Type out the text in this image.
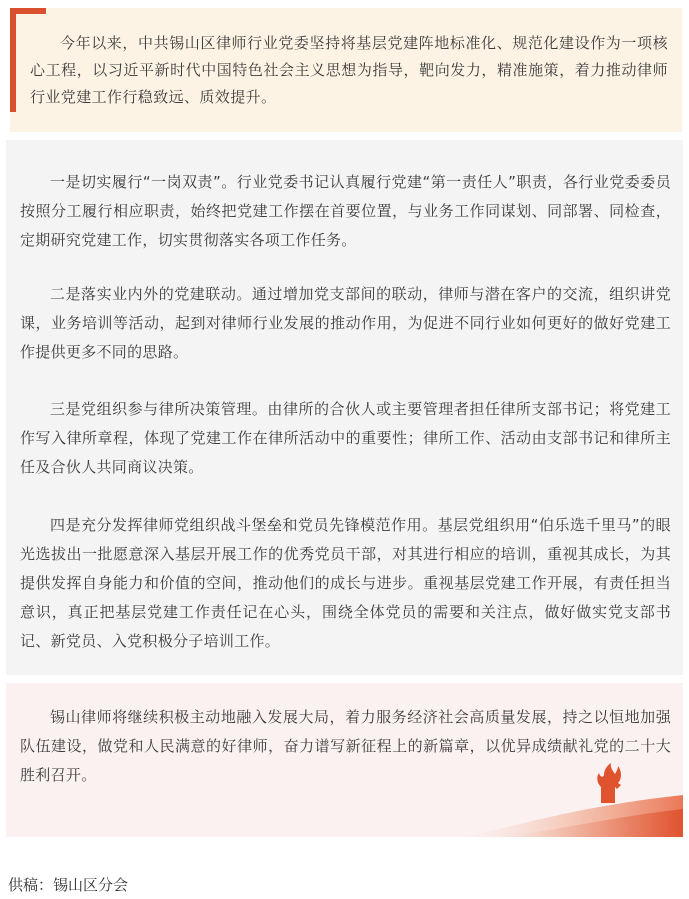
今年以来，中共锡山区律师行业党委坚持将基层党建阵地标准化、规范化建设作为一项核心工程，以习近平新时代中国特色社会主义思想为指导，靶向发力，精准施策，着力推动律师行业党建工作行稳致远、质效提升。

一是切实履行“一岗双责”。行业党委书记认真履行党建“第一责任人”职责，各行业党委委员按照分工履行相应职责，始终把党建工作摆在首要位置，与业务工作同谋划、同部署、同检查，定期研究党建工作，切实贯彻落实各项工作任务。

二是落实业内外的党建联动。通过增加党支部间的联动，律师与潜在客户的交流，组织讲党课，业务培训等活动，起到对律师行业发展的推动作用，为促进不同行业如何更好的做好党建工作提供更多不同的思路。

三是党组织参与律所决策管理。由律所的合伙人或主要管理者担任律所支部书记；将党建工作写入律所章程，体现了党建工作在律所活动中的重要性；律所工作、活动由支部书记和律所主任及合伙人共同商议决策。

四是充分发挥律师党组织战斗堡垒和党员先锋模范作用。基层党组织用“伯乐选千里马”的眼光选拔出一批愿意深入基层开展工作的优秀党员干部，对其进行相应的培训，重视其成长，为其提供发挥自身能力和价值的空间，推动他们的成长与进步。重视基层党建工作开展，有责任担当意识，真正把基层党建工作责任记在心头，围绕全体党员的需要和关注点，做好做实党支部书记、新党员、入党积极分子培训工作。

锡山律师将继续积极主动地融入发展大局，着力服务经济社会高质量发展，持之以恒地加强队伍建设，做党和人民满意的好律师，奋力谱写新征程上的新篇章，以优异成绩献礼党的二十大胜利召开。

供稿：锡山区分会
